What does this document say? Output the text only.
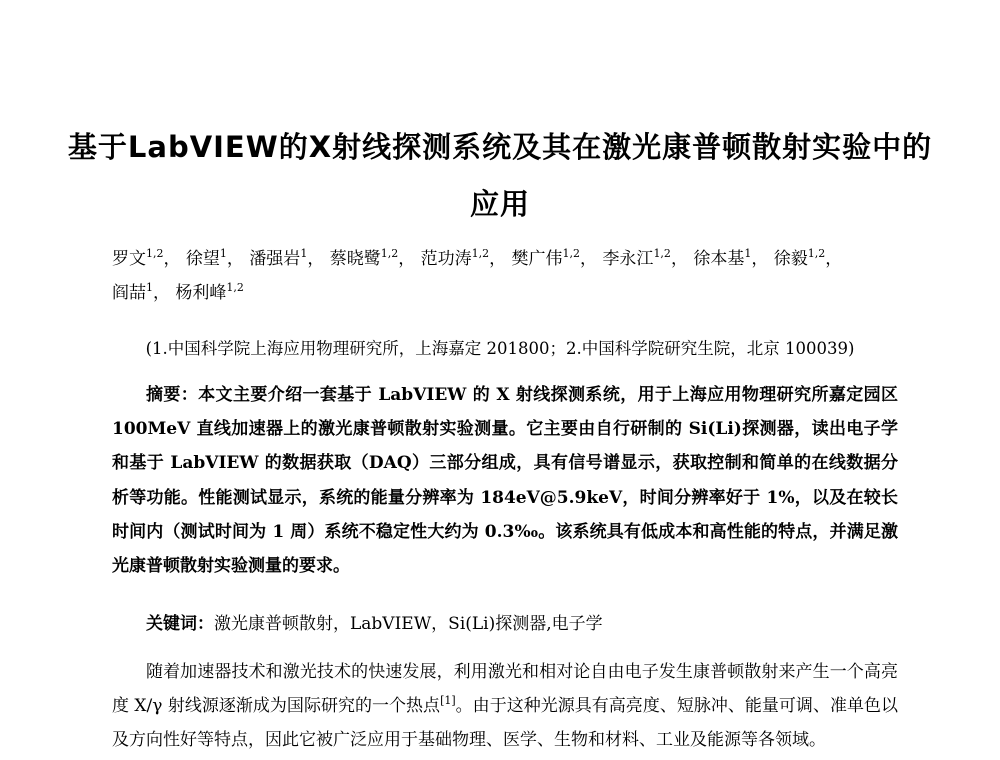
基于LabVIEW的X射线探测系统及其在激光康普顿散射实验中的
应用
罗文$^{1,2}$， 徐望$^1$， 潘强岩$^1$， 蔡晓鹭$^{1,2}$， 范功涛$^{1,2}$， 樊广伟$^{1,2}$， 李永江$^{1,2}$， 徐本基$^1$， 徐毅$^{1,2}$， 阎喆$^1$， 杨利峰$^{1,2}$
(1.中国科学院上海应用物理研究所，上海嘉定 201800；2.中国科学院研究生院，北京 100039)

摘要：本文主要介绍一套基于 LabVIEW 的 X 射线探测系统，用于上海应用物理研究所嘉定园区100MeV 直线加速器上的激光康普顿散射实验测量。它主要由自行研制的 Si(Li)探测器，读出电子学和基于 LabVIEW 的数据获取（DAQ）三部分组成，具有信号谱显示，获取控制和简单的在线数据分析等功能。性能测试显示，系统的能量分辨率为 184eV@5.9keV，时间分辨率好于 1%，以及在较长时间内（测试时间为 1 周）系统不稳定性大约为 0.3‰。该系统具有低成本和高性能的特点，并满足激光康普顿散射实验测量的要求。

关键词：激光康普顿散射，LabVIEW，Si(Li)探测器,电子学

随着加速器技术和激光技术的快速发展，利用激光和相对论自由电子发生康普顿散射来产生一个高亮度 X/γ 射线源逐渐成为国际研究的一个热点[1]。由于这种光源具有高亮度、短脉冲、能量可调、准单色以及方向性好等特点，因此它被广泛应用于基础物理、医学、生物和材料、工业及能源等各领域。
